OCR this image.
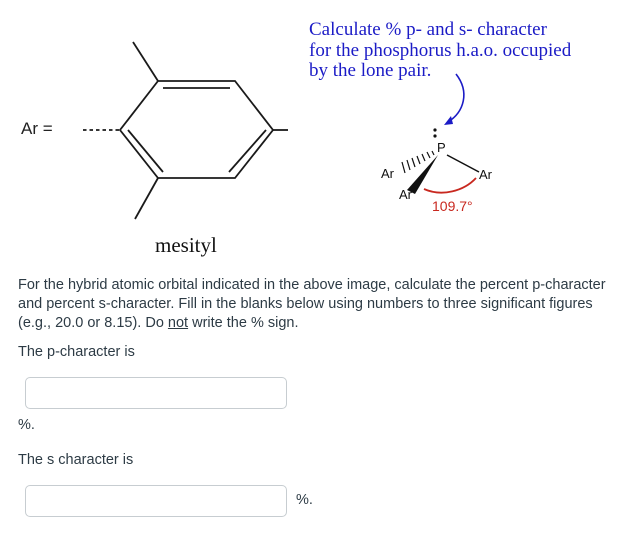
Ar =
Calculate % p- and s- character
for the phosphorus h.a.o. occupied
by the lone pair.
mesityl
P
Ar
Ar
Ar
109.7°
For the hybrid atomic orbital indicated in the above image, calculate the percent p-character and percent s-character. Fill in the blanks below using numbers to three significant figures (e.g., 20.0 or 8.15). Do not write the % sign.
The p-character is
%.
The s character is
%.
